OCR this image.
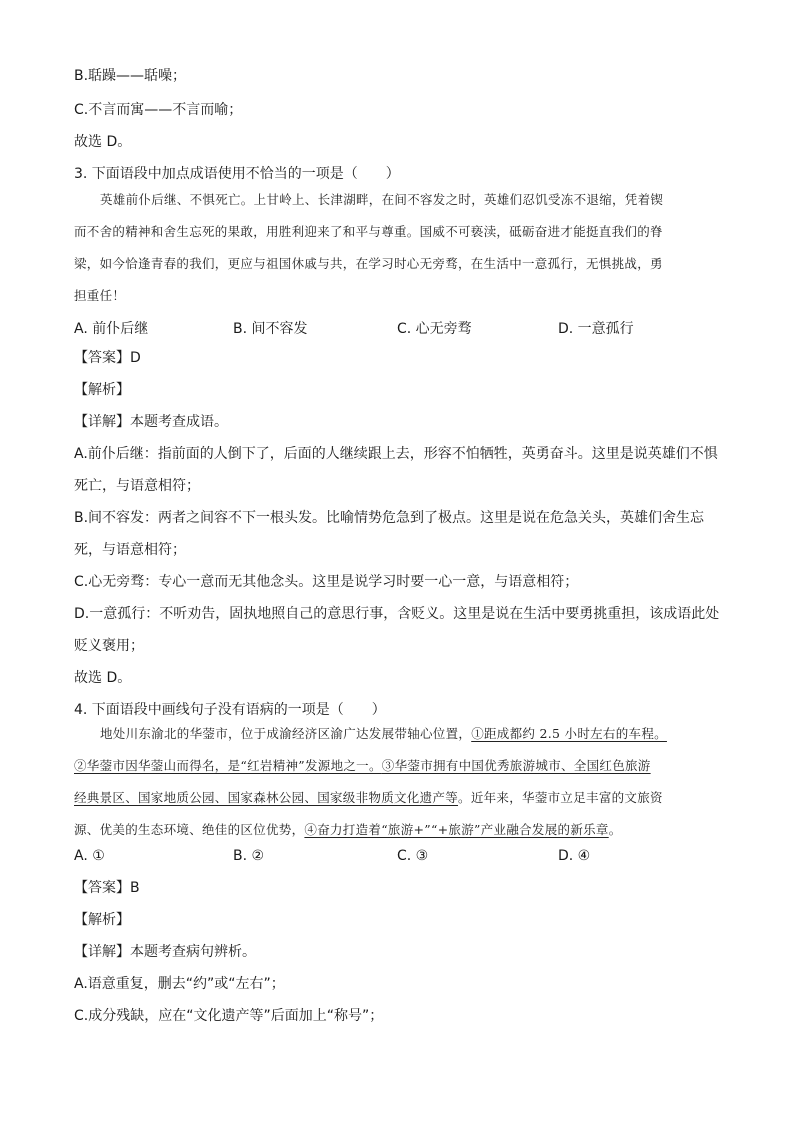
B.聒躁——聒噪；
C.不言而寓——不言而喻；
故选 D。
3. 下面语段中加点成语使用不恰当的一项是（　　）
英雄前仆后继、不惧死亡。上甘岭上、长津湖畔，在间不容发之时，英雄们忍饥受冻不退缩，凭着锲
而不舍的精神和舍生忘死的果敢，用胜利迎来了和平与尊重。国威不可亵渎，砥砺奋进才能挺直我们的脊
梁，如今恰逢青春的我们，更应与祖国休戚与共，在学习时心无旁骛，在生活中一意孤行，无惧挑战，勇
担重任！
A. 前仆后继	B. 间不容发	C. 心无旁骛	D. 一意孤行
【答案】D
【解析】
【详解】本题考查成语。
A.前仆后继：指前面的人倒下了，后面的人继续跟上去，形容不怕牺牲，英勇奋斗。这里是说英雄们不惧
死亡，与语意相符；
B.间不容发：两者之间容不下一根头发。比喻情势危急到了极点。这里是说在危急关头，英雄们舍生忘
死，与语意相符；
C.心无旁骛：专心一意而无其他念头。这里是说学习时要一心一意，与语意相符；
D.一意孤行：不听劝告，固执地照自己的意思行事，含贬义。这里是说在生活中要勇挑重担，该成语此处
贬义褒用；
故选 D。
4. 下面语段中画线句子没有语病的一项是（　　）
地处川东渝北的华蓥市，位于成渝经济区渝广达发展带轴心位置，①距成都约 2.5 小时左右的车程。
②华蓥市因华蓥山而得名，是“红岩精神”发源地之一。③华蓥市拥有中国优秀旅游城市、全国红色旅游
经典景区、国家地质公园、国家森林公园、国家级非物质文化遗产等。近年来，华蓥市立足丰富的文旅资
源、优美的生态环境、绝佳的区位优势，④奋力打造着“旅游+”“+旅游”产业融合发展的新乐章。
A. ①	B. ②	C. ③	D. ④
【答案】B
【解析】
【详解】本题考查病句辨析。
A.语意重复，删去“约”或“左右”；
C.成分残缺，应在“文化遗产等”后面加上“称号”；
